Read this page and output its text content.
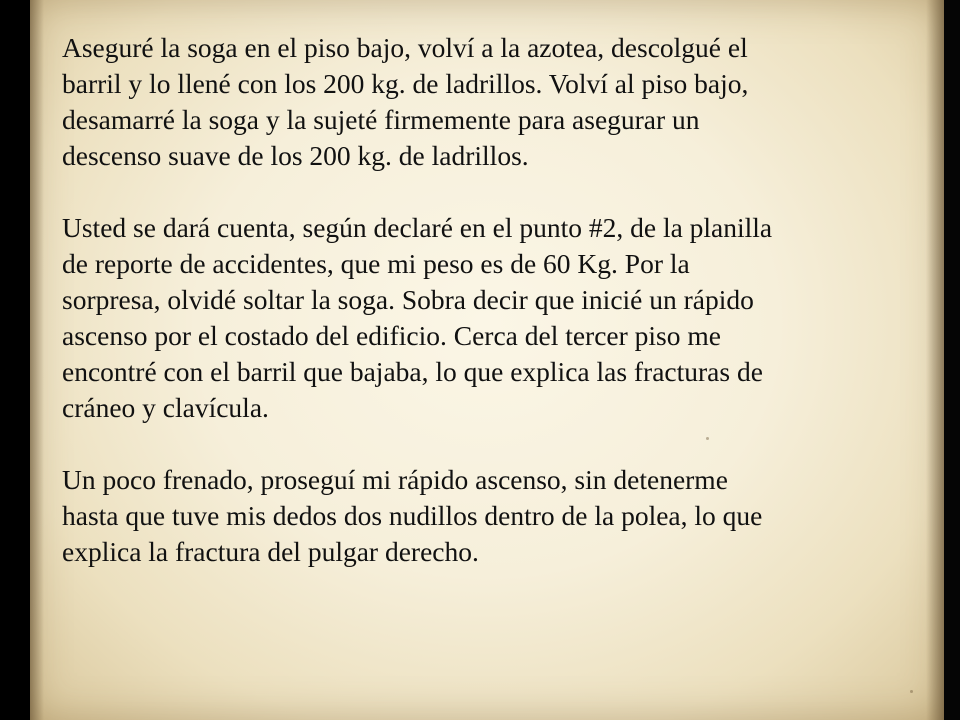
Aseguré la soga en el piso bajo, volví a la azotea, descolgué el
barril y lo llené con los 200 kg. de ladrillos. Volví al piso bajo,
desamarré la soga y la sujeté firmemente para asegurar un
descenso suave de los 200 kg. de ladrillos.

Usted se dará cuenta, según declaré en el punto #2, de la planilla
de reporte de accidentes, que mi peso es de 60 Kg. Por la
sorpresa, olvidé soltar la soga. Sobra decir que inicié un rápido
ascenso por el costado del edificio. Cerca del tercer piso me
encontré con el barril que bajaba, lo que explica las fracturas de
cráneo y clavícula.

Un poco frenado, proseguí mi rápido ascenso, sin detenerme
hasta que tuve mis dedos dos nudillos dentro de la polea, lo que
explica la fractura del pulgar derecho.
